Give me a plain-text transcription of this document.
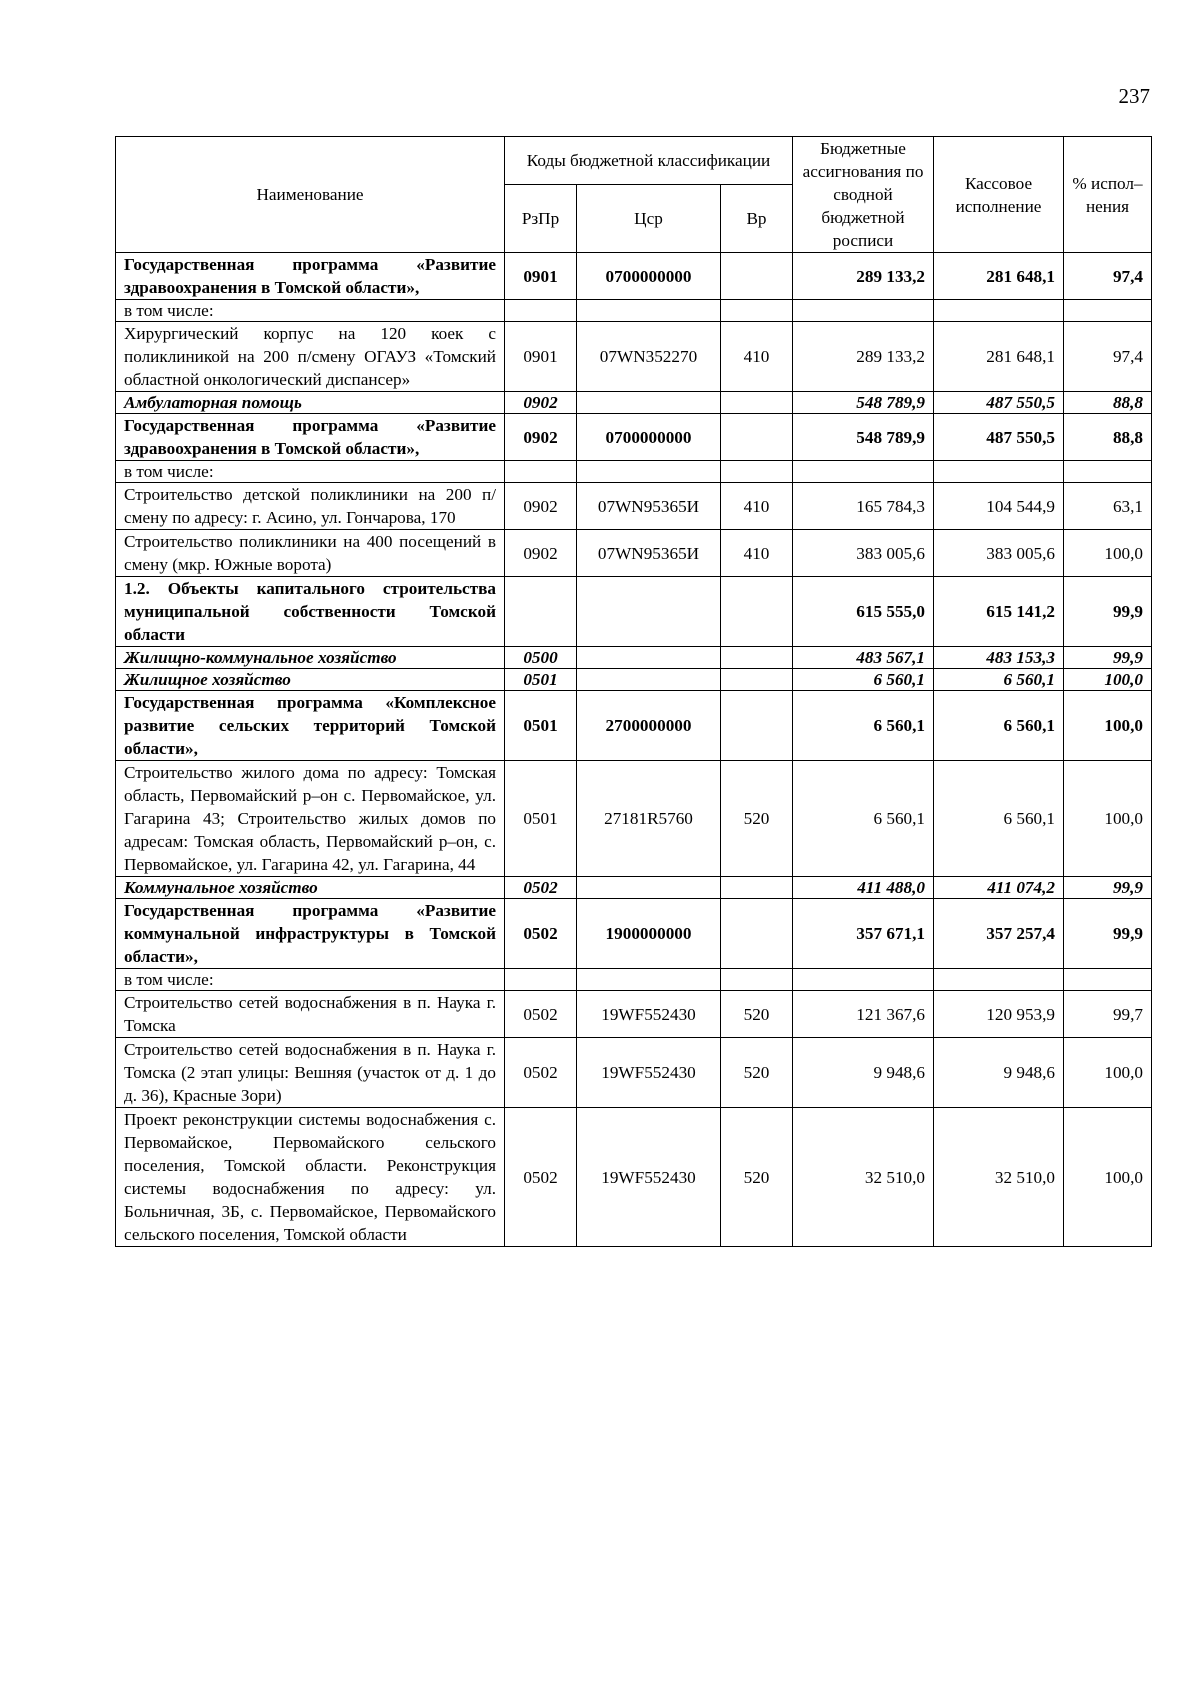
237
Наименование	Коды бюджетной классификации			Бюджетные ассигнования по сводной бюджетной росписи	Кассовое исполнение	% испол– нения
	РзПр	Цср	Вр			
Государственная программа «Развитие здравоохранения в Томской области»,	0901	0700000000		289 133,2	281 648,1	97,4
в том числе:						
Хирургический корпус на 120 коек с поликлиникой на 200 п/смену ОГАУЗ «Томский областной онкологический диспансер»	0901	07WN352270	410	289 133,2	281 648,1	97,4
Амбулаторная помощь	0902			548 789,9	487 550,5	88,8
Государственная программа «Развитие здравоохранения в Томской области»,	0902	0700000000		548 789,9	487 550,5	88,8
в том числе:						
Строительство детской поликлиники на 200 п/смену по адресу: г. Асино, ул. Гончарова, 170	0902	07WN95365И	410	165 784,3	104 544,9	63,1
Строительство поликлиники на 400 посещений в смену (мкр. Южные ворота)	0902	07WN95365И	410	383 005,6	383 005,6	100,0
1.2. Объекты капитального строительства муниципальной собственности Томской области				615 555,0	615 141,2	99,9
Жилищно-коммунальное хозяйство	0500			483 567,1	483 153,3	99,9
Жилищное хозяйство	0501			6 560,1	6 560,1	100,0
Государственная программа «Комплексное развитие сельских территорий Томской области»,	0501	2700000000		6 560,1	6 560,1	100,0
Строительство жилого дома по адресу: Томская область, Первомайский р–он с. Первомайское, ул. Гагарина 43; Строительство жилых домов по адресам: Томская область, Первомайский р–он, с. Первомайское, ул. Гагарина 42, ул. Гагарина, 44	0501	27181R5760	520	6 560,1	6 560,1	100,0
Коммунальное хозяйство	0502			411 488,0	411 074,2	99,9
Государственная программа «Развитие коммунальной инфраструктуры в Томской области»,	0502	1900000000		357 671,1	357 257,4	99,9
в том числе:						
Строительство сетей водоснабжения в п. Наука г. Томска	0502	19WF552430	520	121 367,6	120 953,9	99,7
Строительство сетей водоснабжения в п. Наука г. Томска (2 этап улицы: Вешняя (участок от д. 1 до д. 36), Красные Зори)	0502	19WF552430	520	9 948,6	9 948,6	100,0
Проект реконструкции системы водоснабжения с. Первомайское, Первомайского сельского поселения, Томской области. Реконструкция системы водоснабжения по адресу: ул. Больничная, 3Б, с. Первомайское, Первомайского сельского поселения, Томской области	0502	19WF552430	520	32 510,0	32 510,0	100,0
